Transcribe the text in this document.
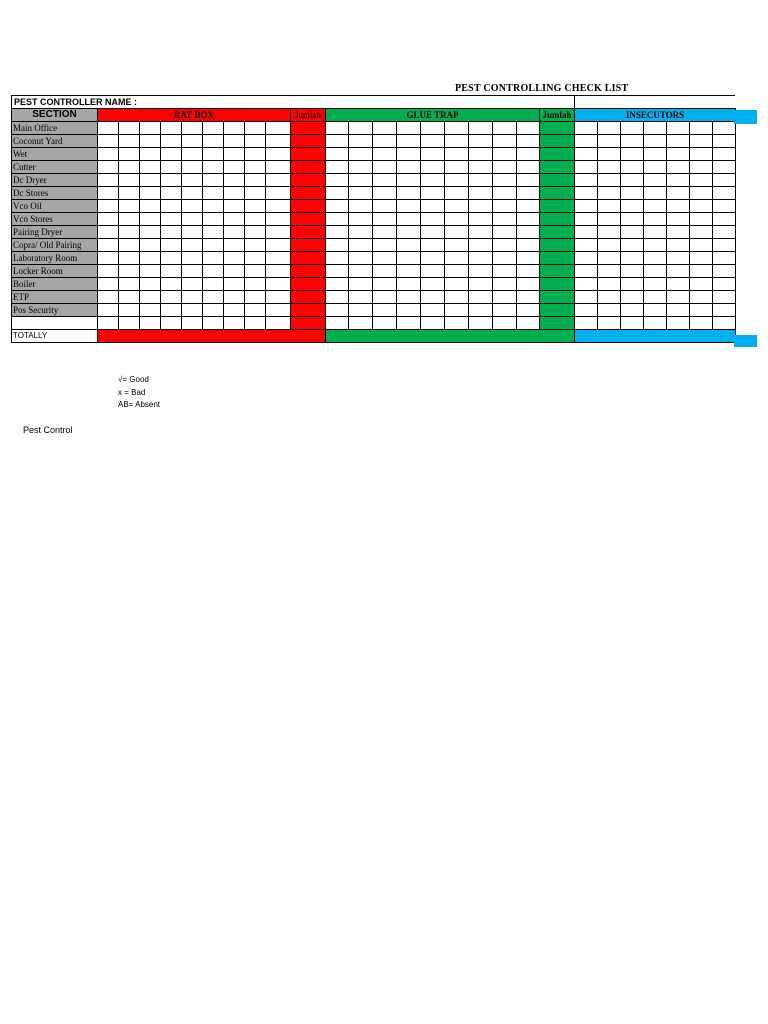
PEST CONTROLLING CHECK LIST
PEST CONTROLLER NAME :																											
SECTION	RAT BOX									Jumlah	GLUE TRAP									Jumlah	INSECUTORS						
Main Office																											
Coconut Yard																											
Wet																											
Cutter																											
Dc Dryer																											
Dc Stores																											
Vco Oil																											
Vco Stores																											
Pairing Dryer																											
Copra/ Old Pairing																											
Laboratory Room																											
Locker Room																											
Boiler																											
ETP																											
Pos Security																											

TOTALLY																											
√= Good
x = Bad
AB= Absent
Pest Control
